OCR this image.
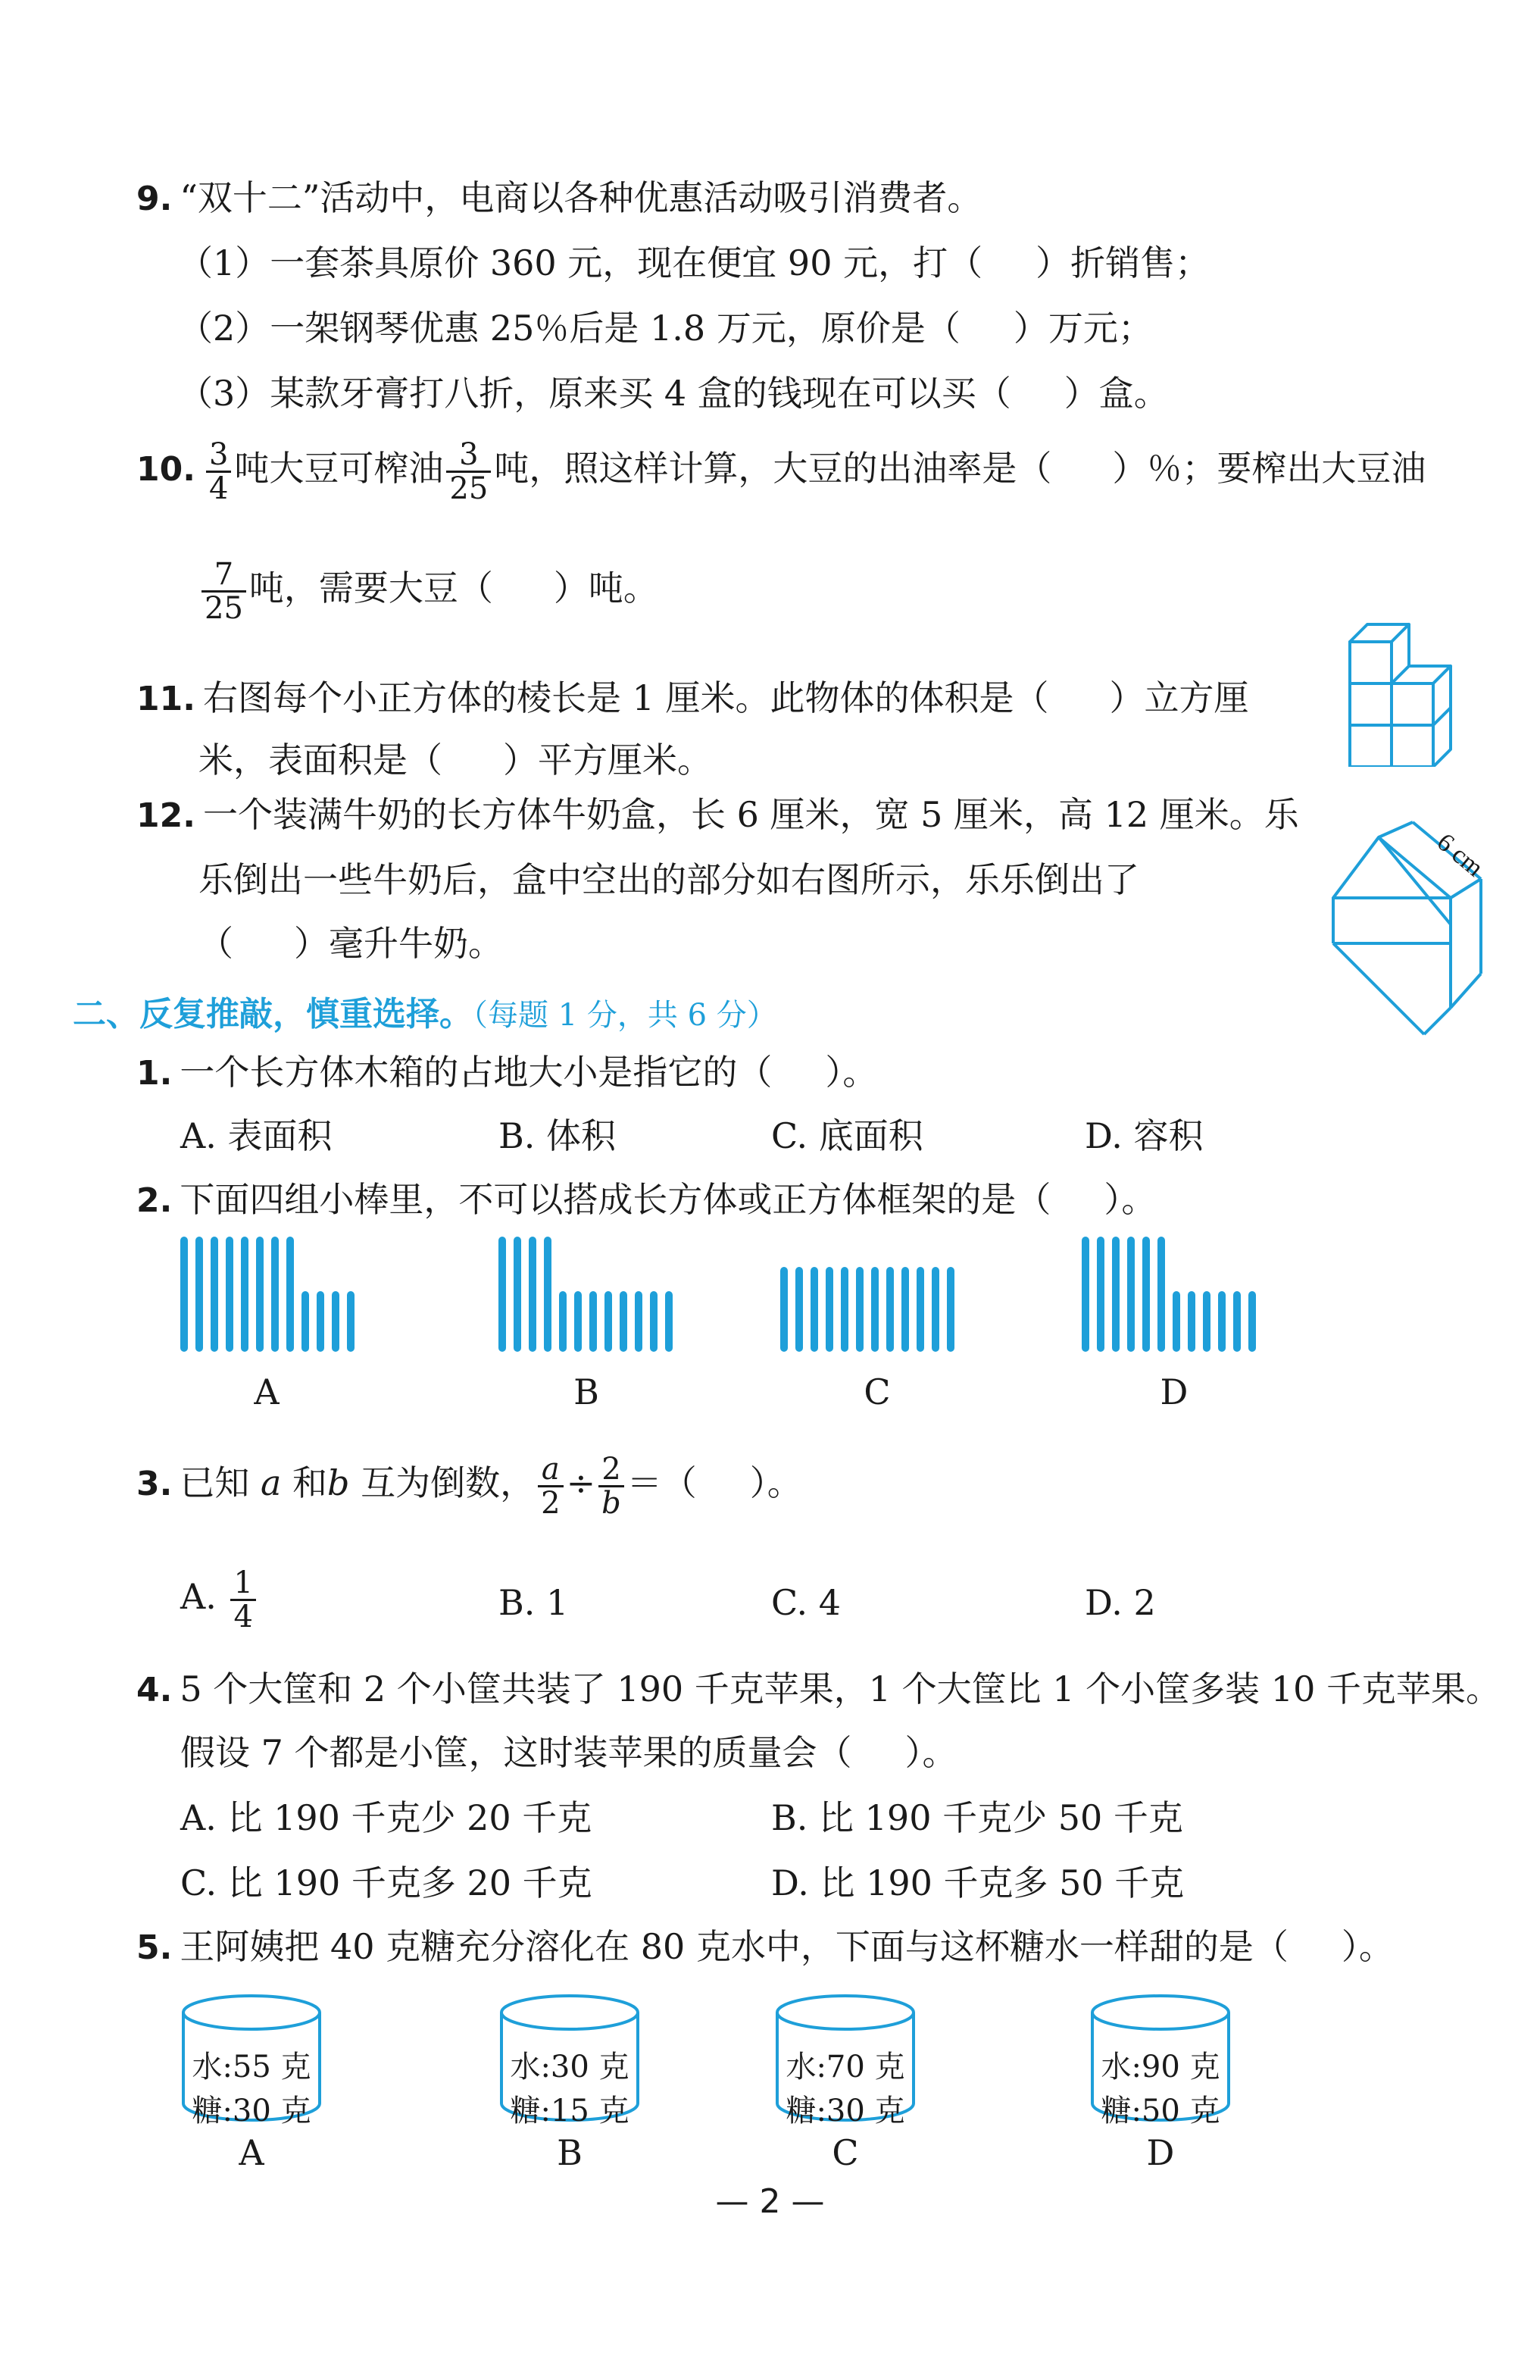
9. “双十二”活动中，电商以各种优惠活动吸引消费者。
（1）一套茶具原价 360 元，现在便宜 90 元，打（ ）折销售；
（2）一架钢琴优惠 25％后是 1.8 万元，原价是（ ）万元；
（3）某款牙膏打八折，原来买 4 盒的钱现在可以买（ ）盒。
10. $\frac{3}{4}$ 吨大豆可榨油 $\frac{3}{25}$ 吨，照这样计算，大豆的出油率是（ ）％；要榨出大豆油
$\frac{7}{25}$ 吨，需要大豆（ ）吨。
11. 右图每个小正方体的棱长是 1 厘米。此物体的体积是（ ）立方厘
米，表面积是（ ）平方厘米。
12. 一个装满牛奶的长方体牛奶盒，长 6 厘米，宽 5 厘米，高 12 厘米。乐
乐倒出一些牛奶后，盒中空出的部分如右图所示，乐乐倒出了
（ ）毫升牛奶。
6 cm
二、反复推敲，慎重选择。（每题 1 分，共 6 分）
1. 一个长方体木箱的占地大小是指它的（ ）。
A. 表面积	B. 体积	C. 底面积	D. 容积
2. 下面四组小棒里，不可以搭成长方体或正方体框架的是（ ）。
A	B	C	D
3. 已知 a 和b 互为倒数， $\frac{a}{2} \div \frac{2}{b}$ ＝（ ）。
A. $\frac{1}{4}$	B. 1	C. 4	D. 2
4. 5 个大筐和 2 个小筐共装了 190 千克苹果，1 个大筐比 1 个小筐多装 10 千克苹果。
假设 7 个都是小筐，这时装苹果的质量会（ ）。
A. 比 190 千克少 20 千克	B. 比 190 千克少 50 千克
C. 比 190 千克多 20 千克	D. 比 190 千克多 50 千克
5. 王阿姨把 40 克糖充分溶化在 80 克水中，下面与这杯糖水一样甜的是（ ）。
水:55 克
糖:30 克
A
水:30 克
糖:15 克
B
水:70 克
糖:30 克
C
水:90 克
糖:50 克
D
— 2 —
